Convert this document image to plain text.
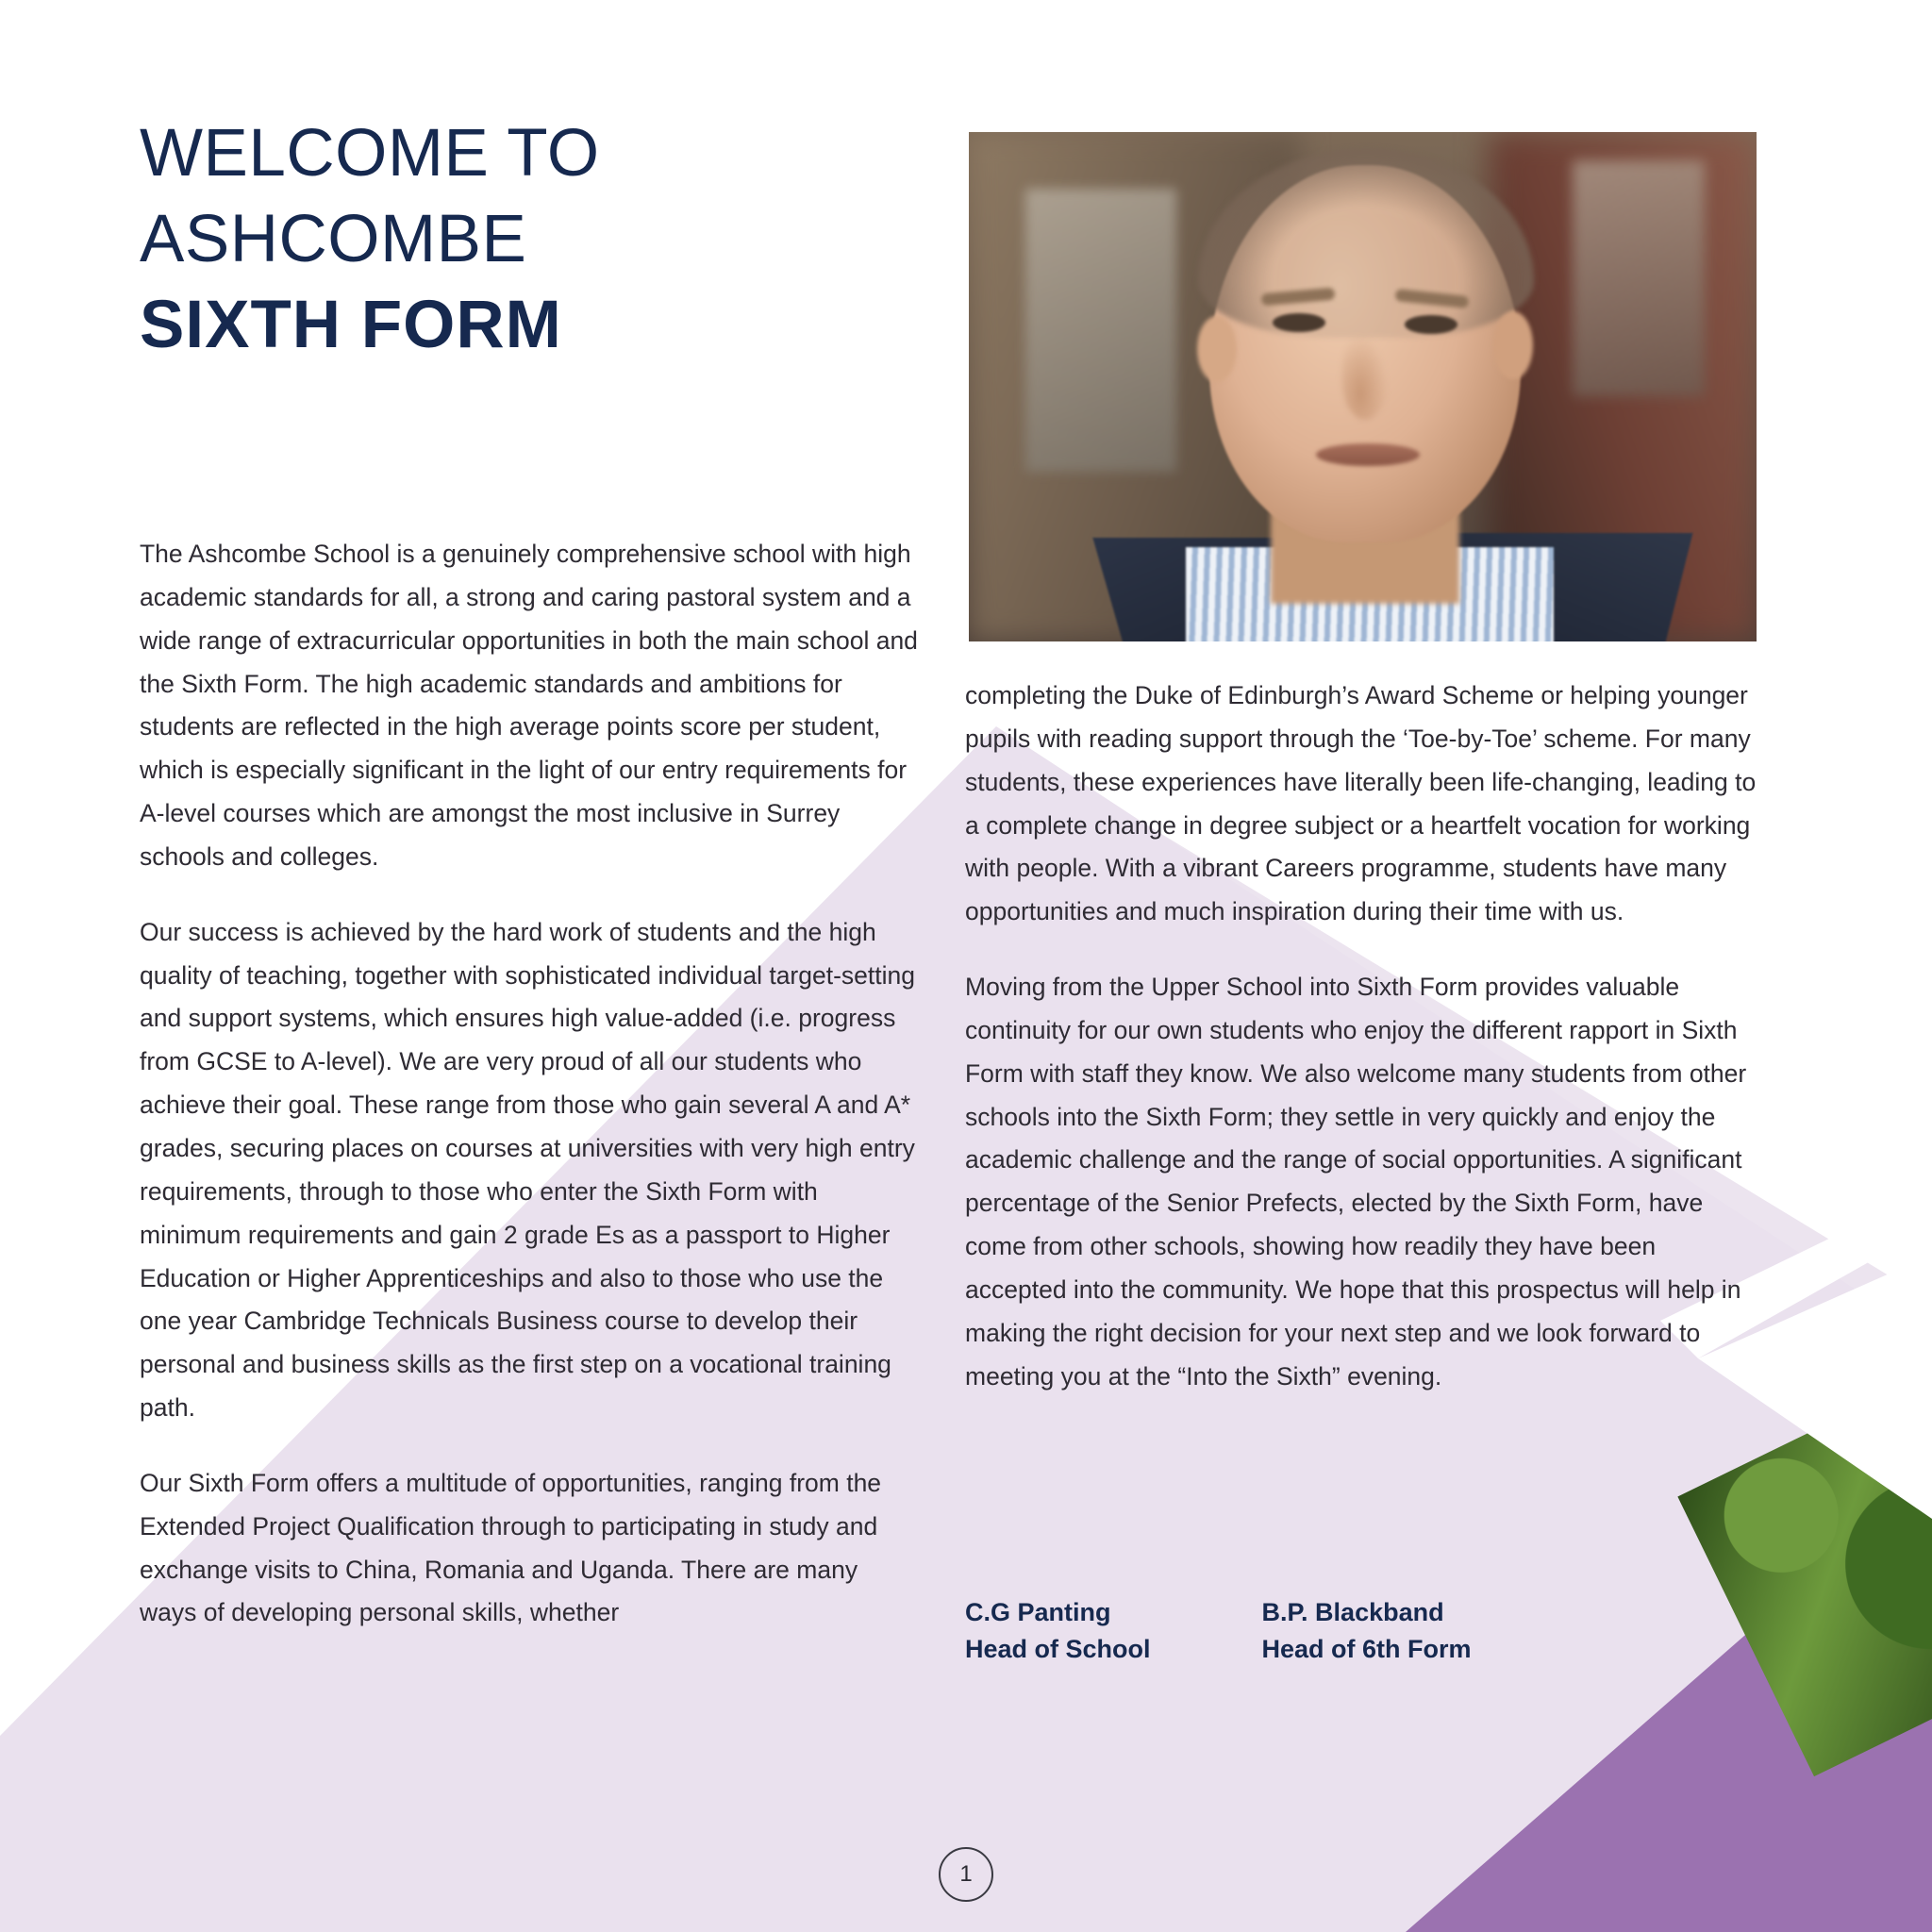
WELCOME TO
ASHCOMBE
SIXTH FORM

The Ashcombe School is a genuinely comprehensive school with high academic standards for all, a strong and caring pastoral system and a wide range of extracurricular opportunities in both the main school and the Sixth Form. The high academic standards and ambitions for students are reflected in the high average points score per student, which is especially significant in the light of our entry requirements for A-level courses which are amongst the most inclusive in Surrey schools and colleges.

Our success is achieved by the hard work of students and the high quality of teaching, together with sophisticated individual target-setting and support systems, which ensures high value-added (i.e. progress from GCSE to A-level). We are very proud of all our students who achieve their goal. These range from those who gain several A and A* grades, securing places on courses at universities with very high entry requirements, through to those who enter the Sixth Form with minimum requirements and gain 2 grade Es as a passport to Higher Education or Higher Apprenticeships and also to those who use the one year Cambridge Technicals Business course to develop their personal and business skills as the first step on a vocational training path.

Our Sixth Form offers a multitude of opportunities, ranging from the Extended Project Qualification through to participating in study and exchange visits to China, Romania and Uganda. There are many ways of developing personal skills, whether

completing the Duke of Edinburgh’s Award Scheme or helping younger pupils with reading support through the ‘Toe-by-Toe’ scheme. For many students, these experiences have literally been life-changing, leading to a complete change in degree subject or a heartfelt vocation for working with people. With a vibrant Careers programme, students have many opportunities and much inspiration during their time with us.

Moving from the Upper School into Sixth Form provides valuable continuity for our own students who enjoy the different rapport in Sixth Form with staff they know. We also welcome many students from other schools into the Sixth Form; they settle in very quickly and enjoy the academic challenge and the range of social opportunities. A significant percentage of the Senior Prefects, elected by the Sixth Form, have come from other schools, showing how readily they have been accepted into the community. We hope that this prospectus will help in making the right decision for your next step and we look forward to meeting you at the “Into the Sixth” evening.

C.G Panting
Head of School
B.P. Blackband
Head of 6th Form
1
